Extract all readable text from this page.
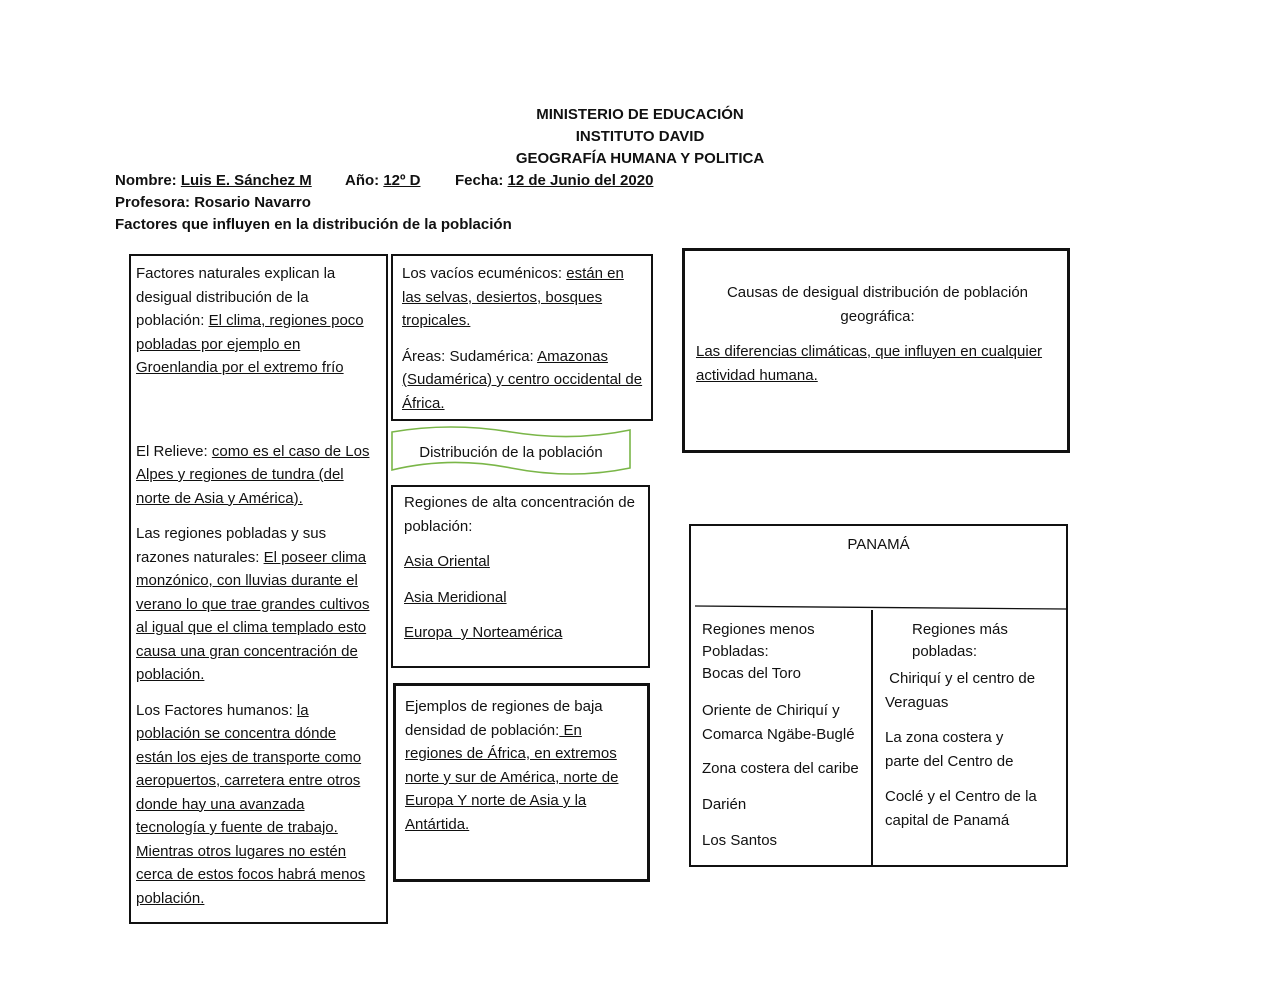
MINISTERIO DE EDUCACIÓN
INSTITUTO DAVID
GEOGRAFÍA HUMANA Y POLITICA
Nombre: Luis E. Sánchez M Año: 12º D Fecha: 12 de Junio del 2020
Profesora: Rosario Navarro
Factores que influyen en la distribución de la población

Factores naturales explican la desigual distribución de la población: El clima, regiones poco pobladas por ejemplo en Groenlandia por el extremo frío

El Relieve: como es el caso de Los Alpes y regiones de tundra (del norte de Asia y América).

Las regiones pobladas y sus razones naturales: El poseer clima monzónico, con lluvias durante el verano lo que trae grandes cultivos al igual que el clima templado esto causa una gran concentración de población.

Los Factores humanos: la población se concentra dónde están los ejes de transporte como aeropuertos, carretera entre otros donde hay una avanzada tecnología y fuente de trabajo. Mientras otros lugares no estén cerca de estos focos habrá menos población.

Los vacíos ecuménicos: están en las selvas, desiertos, bosques tropicales.

Áreas: Sudamérica: Amazonas (Sudamérica) y centro occidental de África.

Distribución de la población

Regiones de alta concentración de población:

Asia Oriental

Asia Meridional

Europa  y Norteamérica

Ejemplos de regiones de baja densidad de población: En regiones de África, en extremos norte y sur de América, norte de Europa Y norte de Asia y la Antártida.

Causas de desigual distribución de población geográfica:
Las diferencias climáticas, que influyen en cualquier actividad humana.
PANAMÁ
Regiones menos Pobladas:
Bocas del Toro
Oriente de Chiriquí y Comarca Ngäbe-Buglé
Zona costera del caribe
Darién
Los Santos
Regiones más pobladas:
Chiriquí y el centro de Veraguas
La zona costera y parte del Centro de
Coclé y el Centro de la capital de Panamá
